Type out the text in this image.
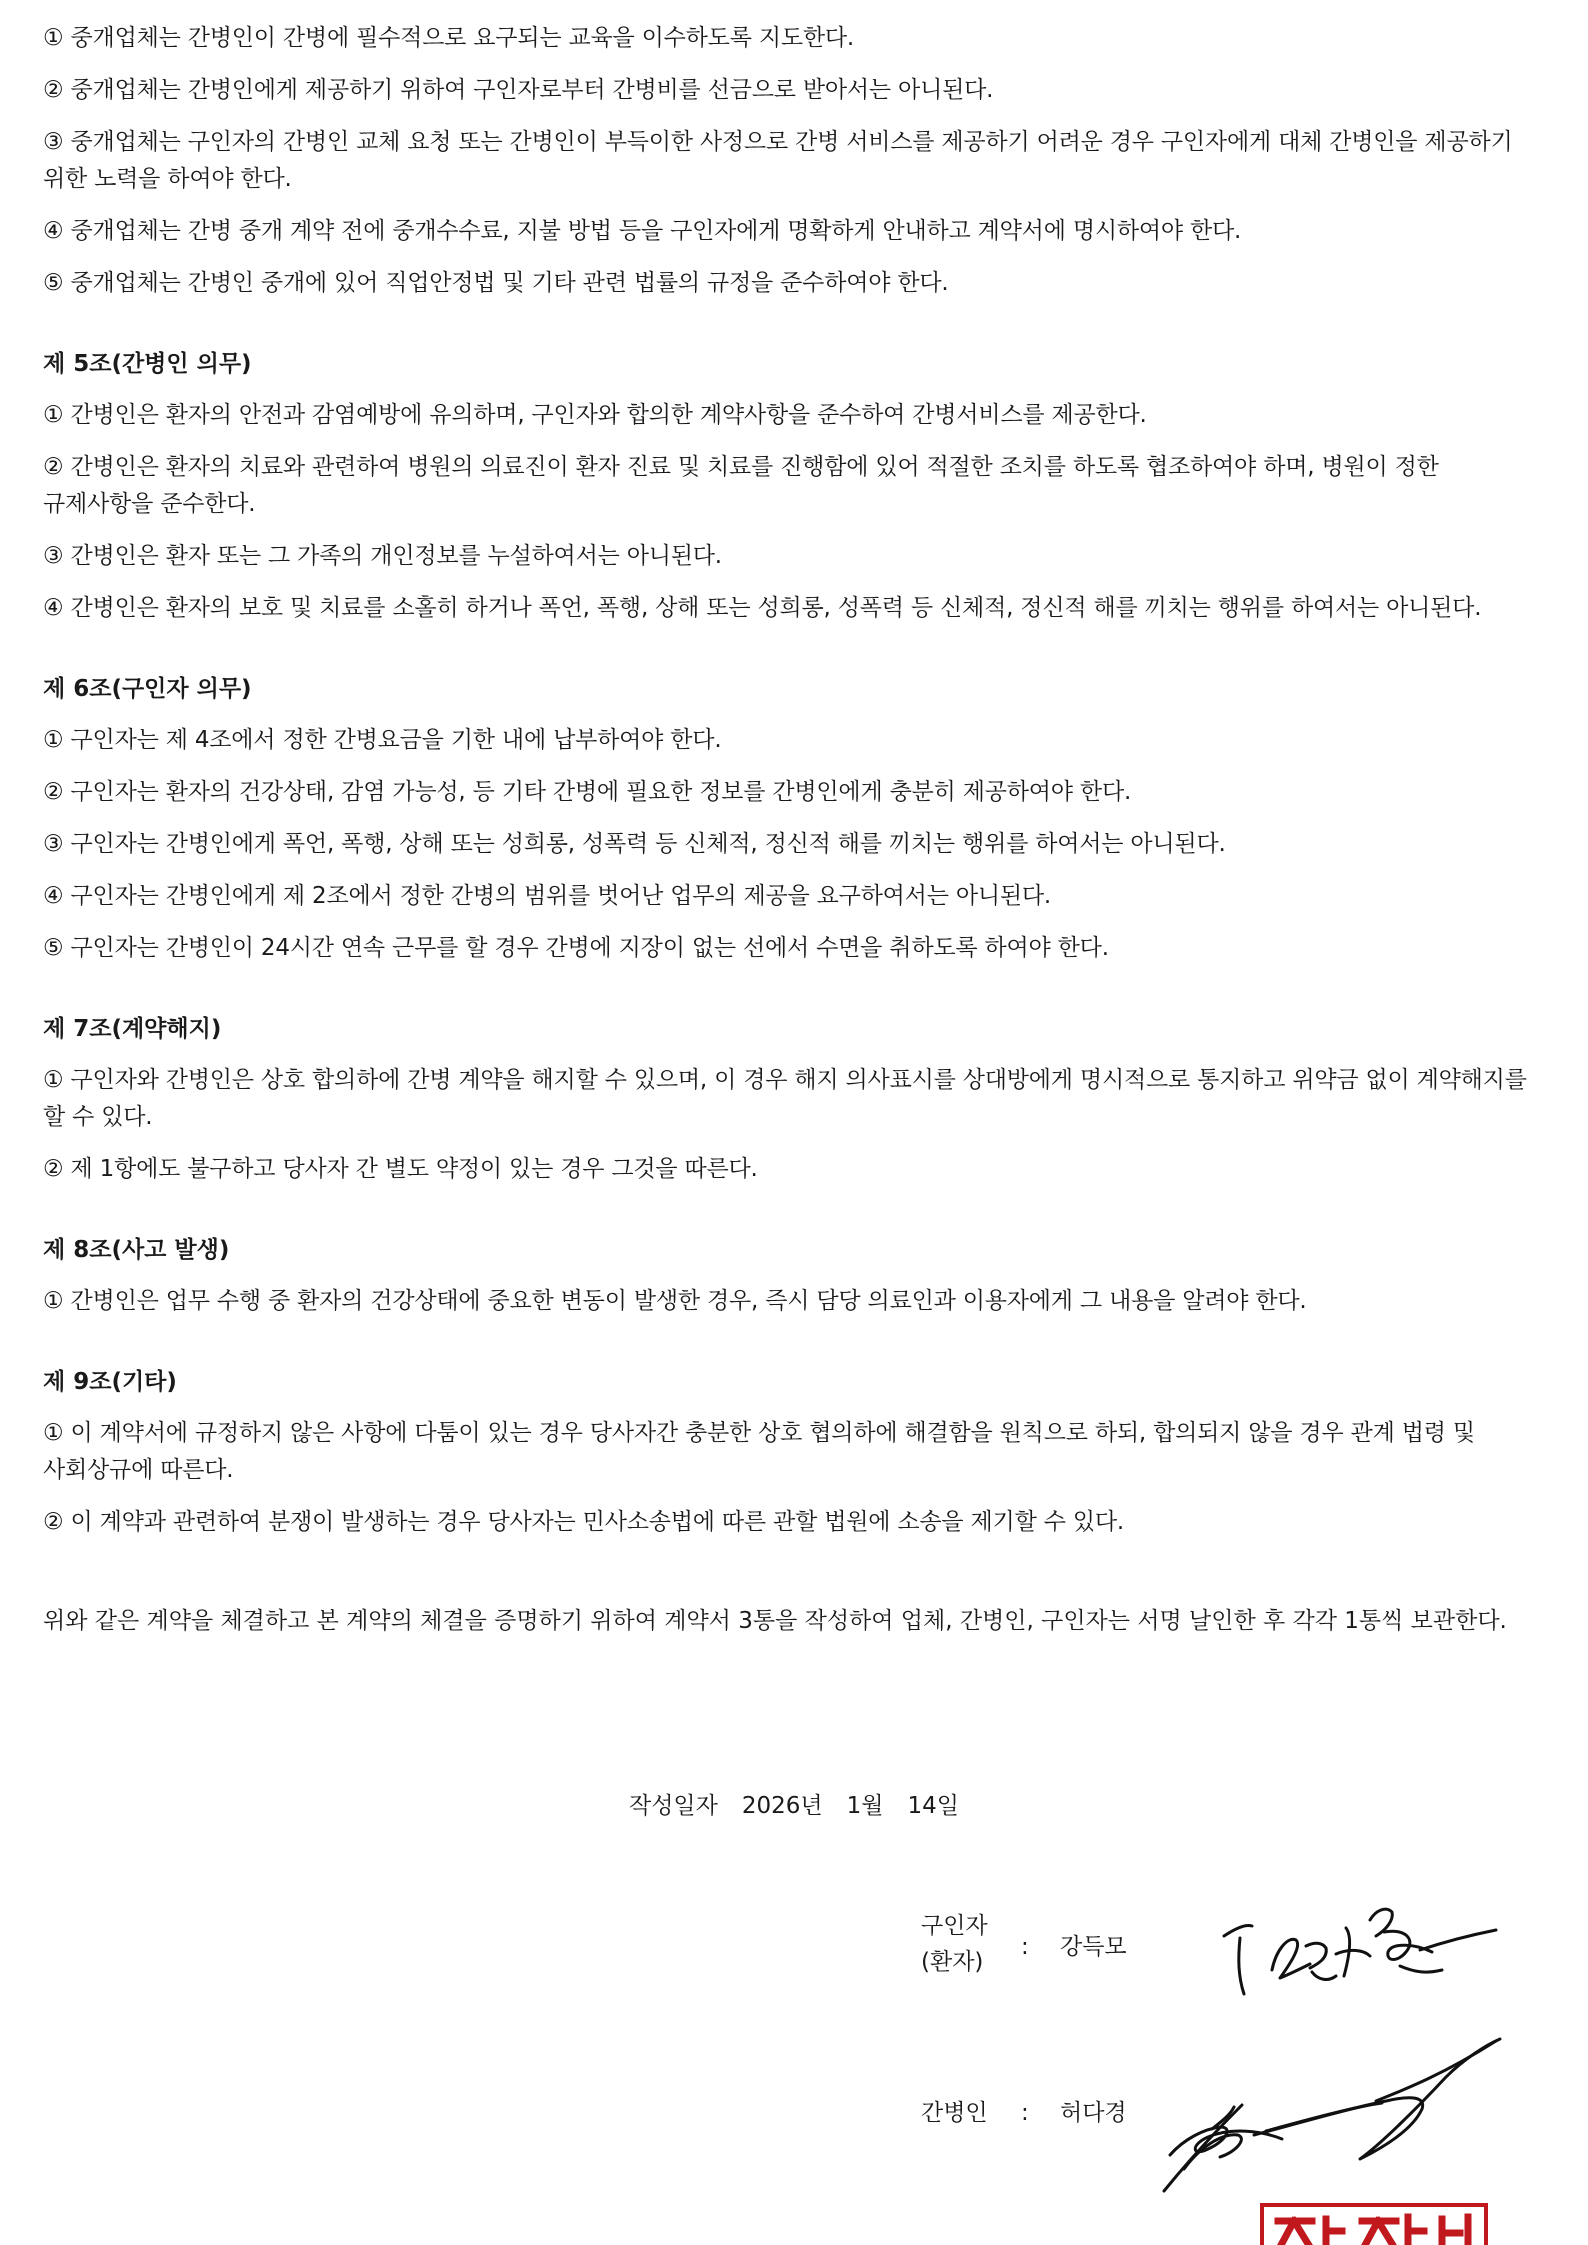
① 중개업체는 간병인이 간병에 필수적으로 요구되는 교육을 이수하도록 지도한다.

② 중개업체는 간병인에게 제공하기 위하여 구인자로부터 간병비를 선금으로 받아서는 아니된다.

③ 중개업체는 구인자의 간병인 교체 요청 또는 간병인이 부득이한 사정으로 간병 서비스를 제공하기 어려운 경우 구인자에게 대체 간병인을 제공하기 위한 노력을 하여야 한다.

④ 중개업체는 간병 중개 계약 전에 중개수수료, 지불 방법 등을 구인자에게 명확하게 안내하고 계약서에 명시하여야 한다.

⑤ 중개업체는 간병인 중개에 있어 직업안정법 및 기타 관련 법률의 규정을 준수하여야 한다.

제 5조(간병인 의무)

① 간병인은 환자의 안전과 감염예방에 유의하며, 구인자와 합의한 계약사항을 준수하여 간병서비스를 제공한다.

② 간병인은 환자의 치료와 관련하여 병원의 의료진이 환자 진료 및 치료를 진행함에 있어 적절한 조치를 하도록 협조하여야 하며, 병원이 정한 규제사항을 준수한다.

③ 간병인은 환자 또는 그 가족의 개인정보를 누설하여서는 아니된다.

④ 간병인은 환자의 보호 및 치료를 소홀히 하거나 폭언, 폭행, 상해 또는 성희롱, 성폭력 등 신체적, 정신적 해를 끼치는 행위를 하여서는 아니된다.

제 6조(구인자 의무)

① 구인자는 제 4조에서 정한 간병요금을 기한 내에 납부하여야 한다.

② 구인자는 환자의 건강상태, 감염 가능성, 등 기타 간병에 필요한 정보를 간병인에게 충분히 제공하여야 한다.

③ 구인자는 간병인에게 폭언, 폭행, 상해 또는 성희롱, 성폭력 등 신체적, 정신적 해를 끼치는 행위를 하여서는 아니된다.

④ 구인자는 간병인에게 제 2조에서 정한 간병의 범위를 벗어난 업무의 제공을 요구하여서는 아니된다.

⑤ 구인자는 간병인이 24시간 연속 근무를 할 경우 간병에 지장이 없는 선에서 수면을 취하도록 하여야 한다.

제 7조(계약해지)

① 구인자와 간병인은 상호 합의하에 간병 계약을 해지할 수 있으며, 이 경우 해지 의사표시를 상대방에게 명시적으로 통지하고 위약금 없이 계약해지를 할 수 있다.

② 제 1항에도 불구하고 당사자 간 별도 약정이 있는 경우 그것을 따른다.

제 8조(사고 발생)

① 간병인은 업무 수행 중 환자의 건강상태에 중요한 변동이 발생한 경우, 즉시 담당 의료인과 이용자에게 그 내용을 알려야 한다.

제 9조(기타)

① 이 계약서에 규정하지 않은 사항에 다툼이 있는 경우 당사자간 충분한 상호 협의하에 해결함을 원칙으로 하되, 합의되지 않을 경우 관계 법령 및 사회상규에 따른다.

② 이 계약과 관련하여 분쟁이 발생하는 경우 당사자는 민사소송법에 따른 관할 법원에 소송을 제기할 수 있다.

위와 같은 계약을 체결하고 본 계약의 체결을 증명하기 위하여 계약서 3통을 작성하여 업체, 간병인, 구인자는 서명 날인한 후 각각 1통씩 보관한다.

작성일자 2026년 1월 14일
구인자
(환자)
: 강득모
간병인 : 허다경
